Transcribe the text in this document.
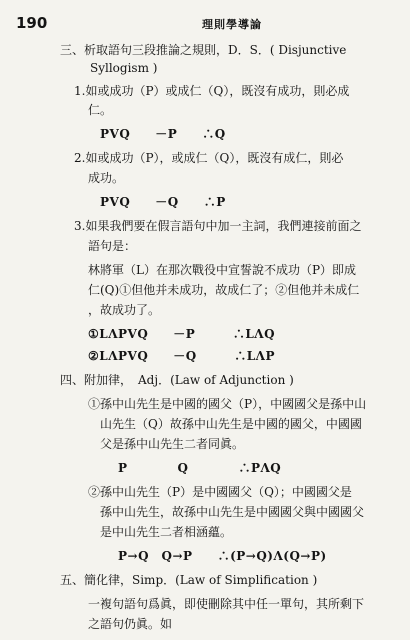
190	理則學導論
三、析取語句三段推論之規則，D．S．( Disjunctive
Syllogism )
1.如或成功（P）或成仁（Q），既沒有成功，則必成
仁。
PVQ　　－P　　∴Q
2.如或成功（P），或成仁（Q），既沒有成仁，則必
成功。
PVQ　　－Q　　∴P
3.如果我們要在假言語句中加一主詞，我們連接前面之
語句是：
林將軍（L）在那次戰役中宣誓說不成功（P）即成
仁(Q)①但他并未成功，故成仁了；②但他并未成仁
，故成功了。
①LΛPVQ　　－P　　　∴LΛQ
②LΛPVQ　　－Q　　　∴LΛP
四、附加律，　Adj．(Law of Adjunction )
①孫中山先生是中國的國父（P），中國國父是孫中山
山先生（Q）故孫中山先生是中國的國父，中國國
父是孫中山先生二者同眞。
P　　　　Q　　　　∴PΛQ
②孫中山先生（P）是中國國父（Q）；中國國父是
孫中山先生，故孫中山先生是中國國父與中國國父
是中山先生二者相涵蘊。
P→Q　Q→P　　∴(P→Q)Λ(Q→P)
五、簡化律，Simp．(Law of Simplification )
一複句語句爲眞，即使刪除其中任一單句，其所剩下
之語句仍眞。如
